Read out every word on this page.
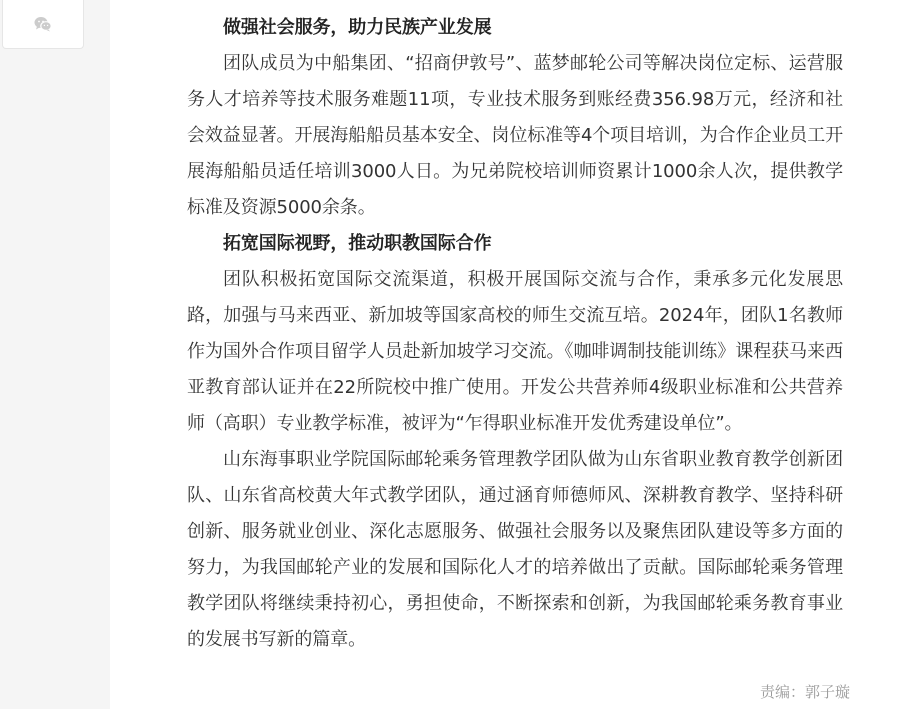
做强社会服务，助力民族产业发展

团队成员为中船集团、“招商伊敦号”、蓝梦邮轮公司等解决岗位定标、运营服务人才培养等技术服务难题11项，专业技术服务到账经费356.98万元，经济和社会效益显著。开展海船船员基本安全、岗位标准等4个项目培训，为合作企业员工开展海船船员适任培训3000人日。为兄弟院校培训师资累计1000余人次，提供教学标准及资源5000余条。

拓宽国际视野，推动职教国际合作

团队积极拓宽国际交流渠道，积极开展国际交流与合作，秉承多元化发展思路，加强与马来西亚、新加坡等国家高校的师生交流互培。2024年，团队1名教师作为国外合作项目留学人员赴新加坡学习交流。《咖啡调制技能训练》课程获马来西亚教育部认证并在22所院校中推广使用。开发公共营养师4级职业标准和公共营养师（高职）专业教学标准，被评为“乍得职业标准开发优秀建设单位”。

山东海事职业学院国际邮轮乘务管理教学团队做为山东省职业教育教学创新团队、山东省高校黄大年式教学团队，通过涵育师德师风、深耕教育教学、坚持科研创新、服务就业创业、深化志愿服务、做强社会服务以及聚焦团队建设等多方面的努力，为我国邮轮产业的发展和国际化人才的培养做出了贡献。国际邮轮乘务管理教学团队将继续秉持初心，勇担使命，不断探索和创新，为我国邮轮乘务教育事业的发展书写新的篇章。

责编：郭子璇
